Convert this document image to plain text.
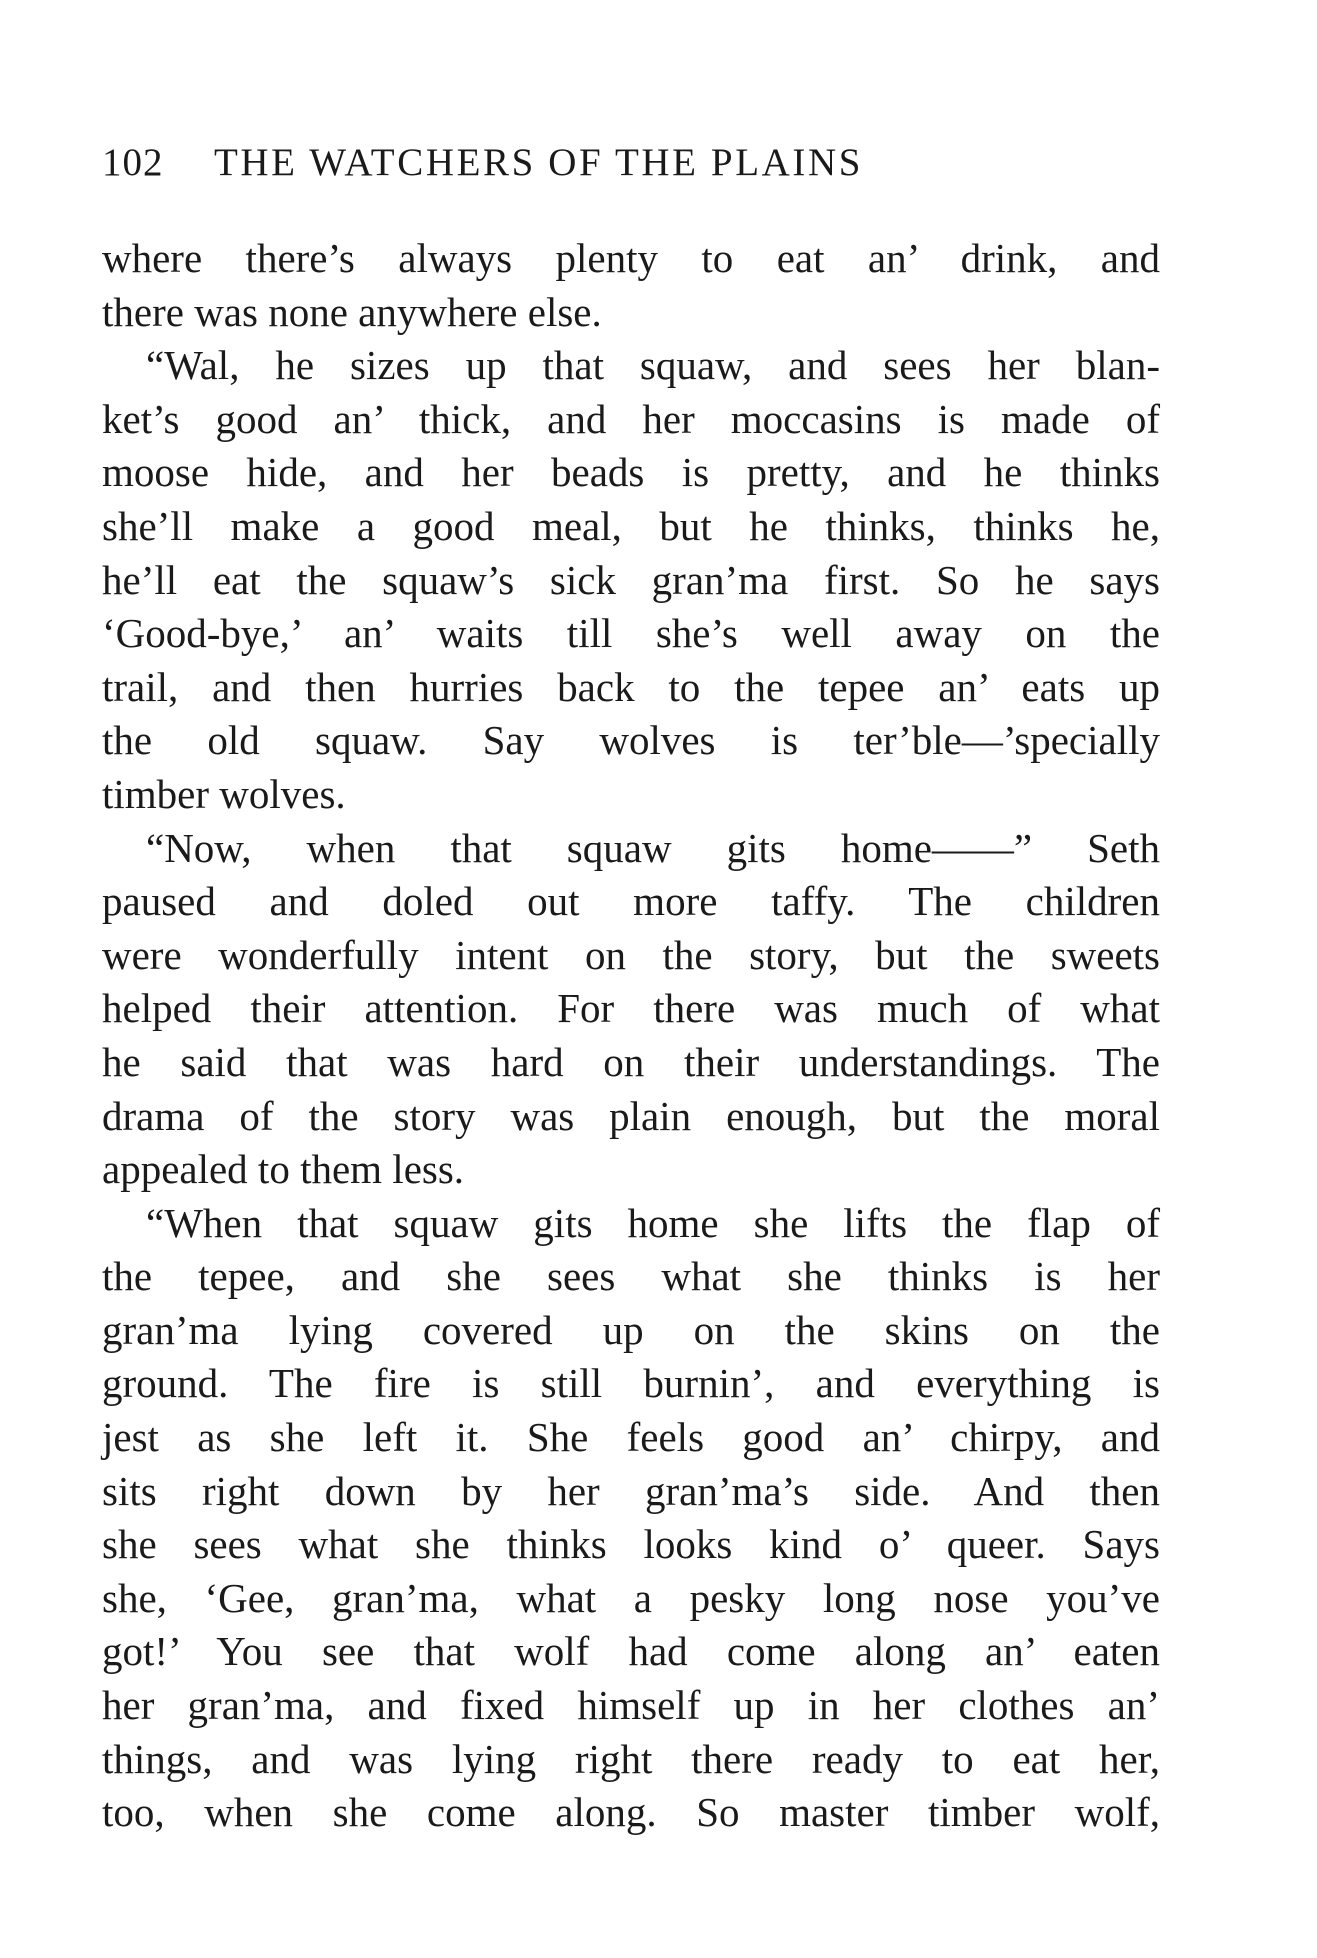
102 THE WATCHERS OF THE PLAINS
where there’s always plenty to eat an’ drink, and
there was none anywhere else.
“Wal, he sizes up that squaw, and sees her blan-
ket’s good an’ thick, and her moccasins is made of
moose hide, and her beads is pretty, and he thinks
she’ll make a good meal, but he thinks, thinks he,
he’ll eat the squaw’s sick gran’ma first. So he says
‘Good-bye,’ an’ waits till she’s well away on the
trail, and then hurries back to the tepee an’ eats up
the old squaw. Say wolves is ter’ble—’specially
timber wolves.
“Now, when that squaw gits home——” Seth
paused and doled out more taffy. The children
were wonderfully intent on the story, but the sweets
helped their attention. For there was much of what
he said that was hard on their understandings. The
drama of the story was plain enough, but the moral
appealed to them less.
“When that squaw gits home she lifts the flap of
the tepee, and she sees what she thinks is her
gran’ma lying covered up on the skins on the
ground. The fire is still burnin’, and everything is
jest as she left it. She feels good an’ chirpy, and
sits right down by her gran’ma’s side. And then
she sees what she thinks looks kind o’ queer. Says
she, ‘Gee, gran’ma, what a pesky long nose you’ve
got!’ You see that wolf had come along an’ eaten
her gran’ma, and fixed himself up in her clothes an’
things, and was lying right there ready to eat her,
too, when she come along. So master timber wolf,
